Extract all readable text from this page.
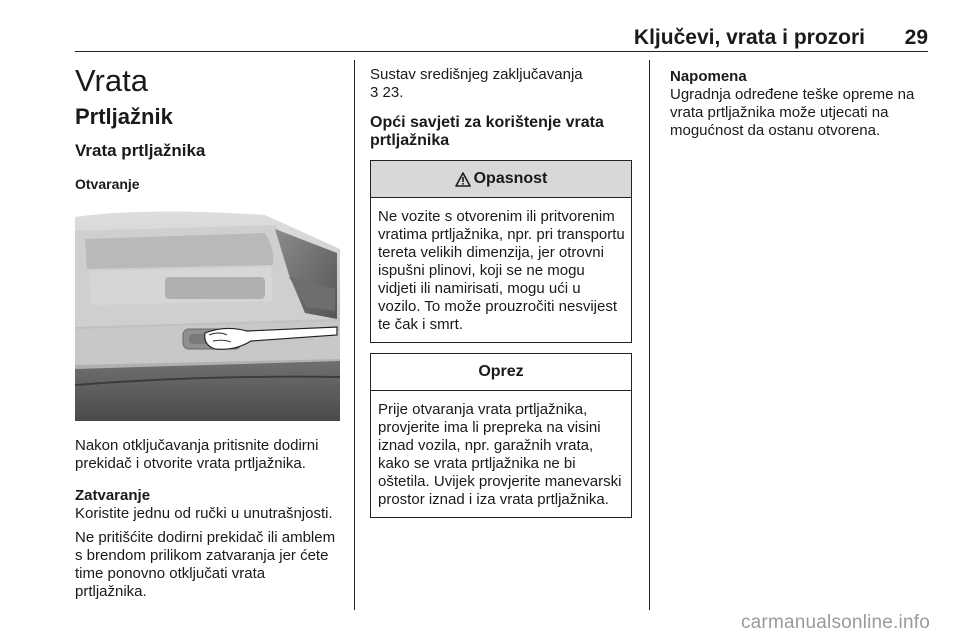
Ključevi, vrata i prozori	29
Vrata
Prtljažnik
Vrata prtljažnika
Otvaranje

Nakon otključavanja pritisnite dodirni prekidač i otvorite vrata prtljažnika.

Zatvaranje

Koristite jednu od ručki u unutrašnjosti.

Ne pritišćite dodirni prekidač ili amblem s brendom prilikom zatvaranja jer ćete time ponovno otključati vrata prtljažnika.

Sustav središnjeg zaključavanja

3 23.

Opći savjeti za korištenje vrata prtljažnika

Opasnost
Ne vozite s otvorenim ili pritvorenim vratima prtljažnika, npr. pri transportu tereta velikih dimenzija, jer otrovni ispušni plinovi, koji se ne mogu vidjeti ili namirisati, mogu ući u vozilo. To može prouzročiti nesvijest te čak i smrt.
Oprez
Prije otvaranja vrata prtljažnika, provjerite ima li prepreka na visini iznad vozila, npr. garažnih vrata, kako se vrata prtljažnika ne bi oštetila. Uvijek provjerite manevarski prostor iznad i iza vrata prtljažnika.

Napomena

Ugradnja određene teške opreme na vrata prtljažnika može utjecati na mogućnost da ostanu otvorena.

carmanualsonline.info
